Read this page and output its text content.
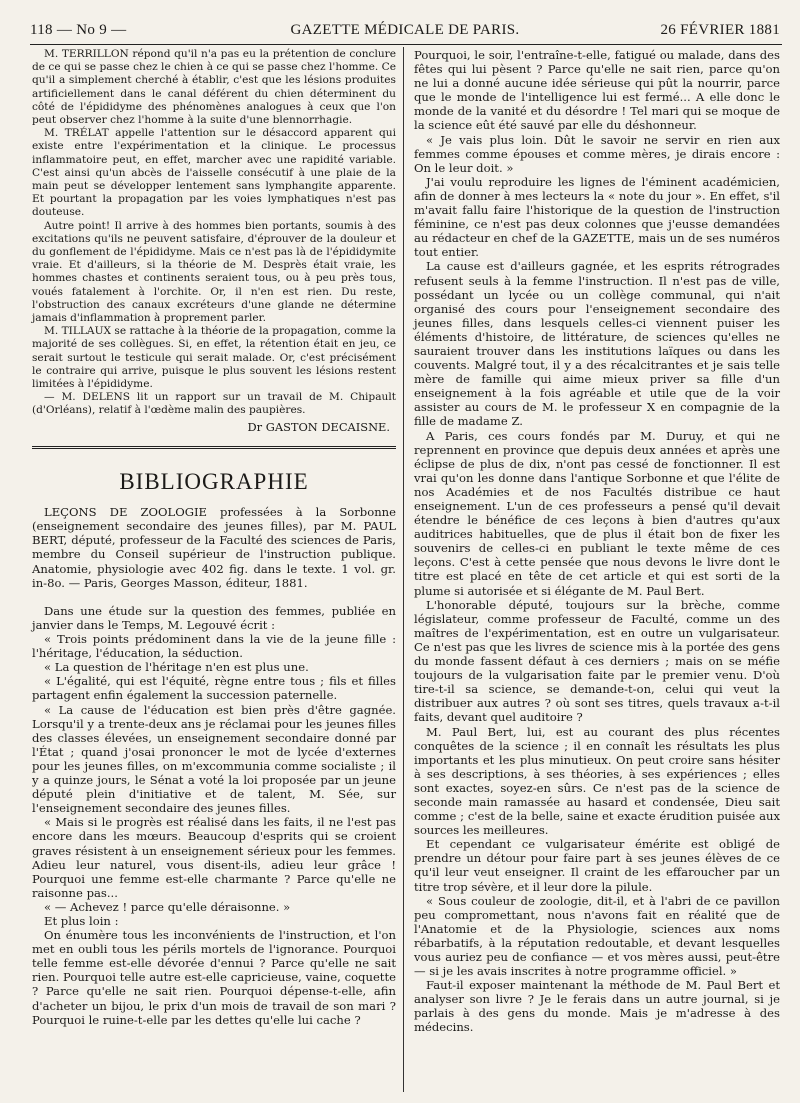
118 — No 9 —	GAZETTE MÉDICALE DE PARIS.	26 FÉVRIER 1881

M. TERRILLON répond qu'il n'a pas eu la prétention de conclure de ce qui se passe chez le chien à ce qui se passe chez l'homme. Ce qu'il a simplement cherché à établir, c'est que les lésions produites artificiellement dans le canal déférent du chien déterminent du côté de l'épididyme des phénomènes analogues à ceux que l'on peut observer chez l'homme à la suite d'une blennorrhagie.

M. TRÉLAT appelle l'attention sur le désaccord apparent qui existe entre l'expérimentation et la clinique. Le processus inflammatoire peut, en effet, marcher avec une rapidité variable. C'est ainsi qu'un abcès de l'aisselle consécutif à une plaie de la main peut se développer lentement sans lymphangite apparente. Et pourtant la propagation par les voies lymphatiques n'est pas douteuse.

Autre point! Il arrive à des hommes bien portants, soumis à des excitations qu'ils ne peuvent satisfaire, d'éprouver de la douleur et du gonflement de l'épididyme. Mais ce n'est pas là de l'épididymite vraie. Et d'ailleurs, si la théorie de M. Desprès était vraie, les hommes chastes et continents seraient tous, ou à peu près tous, voués fatalement à l'orchite. Or, il n'en est rien. Du reste, l'obstruction des canaux excréteurs d'une glande ne détermine jamais d'inflammation à proprement parler.

M. TILLAUX se rattache à la théorie de la propagation, comme la majorité de ses collègues. Si, en effet, la rétention était en jeu, ce serait surtout le testicule qui serait malade. Or, c'est précisément le contraire qui arrive, puisque le plus souvent les lésions restent limitées à l'épididyme.

— M. DELENS lit un rapport sur un travail de M. Chipault (d'Orléans), relatif à l'œdème malin des paupières.

Dr GASTON DECAISNE.
BIBLIOGRAPHIE

LEÇONS DE ZOOLOGIE professées à la Sorbonne (enseignement secondaire des jeunes filles), par M. PAUL BERT, député, professeur de la Faculté des sciences de Paris, membre du Conseil supérieur de l'instruction publique. Anatomie, physiologie avec 402 fig. dans le texte. 1 vol. gr. in-8o. — Paris, Georges Masson, éditeur, 1881.

Dans une étude sur la question des femmes, publiée en janvier dans le Temps, M. Legouvé écrit :

« Trois points prédominent dans la vie de la jeune fille : l'héritage, l'éducation, la séduction.

« La question de l'héritage n'en est plus une.

« L'égalité, qui est l'équité, règne entre tous ; fils et filles partagent enfin également la succession paternelle.

« La cause de l'éducation est bien près d'être gagnée. Lorsqu'il y a trente-deux ans je réclamai pour les jeunes filles des classes élevées, un enseignement secondaire donné par l'État ; quand j'osai prononcer le mot de lycée d'externes pour les jeunes filles, on m'excommunia comme socialiste ; il y a quinze jours, le Sénat a voté la loi proposée par un jeune député plein d'initiative et de talent, M. Sée, sur l'enseignement secondaire des jeunes filles.

« Mais si le progrès est réalisé dans les faits, il ne l'est pas encore dans les mœurs. Beaucoup d'esprits qui se croient graves résistent à un enseignement sérieux pour les femmes. Adieu leur naturel, vous disent-ils, adieu leur grâce ! Pourquoi une femme est-elle charmante ? Parce qu'elle ne raisonne pas...

« — Achevez ! parce qu'elle déraisonne. »

Et plus loin :

On énumère tous les inconvénients de l'instruction, et l'on met en oubli tous les périls mortels de l'ignorance. Pourquoi telle femme est-elle dévorée d'ennui ? Parce qu'elle ne sait rien. Pourquoi telle autre est-elle capricieuse, vaine, coquette ? Parce qu'elle ne sait rien. Pourquoi dépense-t-elle, afin d'acheter un bijou, le prix d'un mois de travail de son mari ? Pourquoi le ruine-t-elle par les dettes qu'elle lui cache ?

Pourquoi, le soir, l'entraîne-t-elle, fatigué ou malade, dans des fêtes qui lui pèsent ? Parce qu'elle ne sait rien, parce qu'on ne lui a donné aucune idée sérieuse qui pût la nourrir, parce que le monde de l'intelligence lui est fermé... A elle donc le monde de la vanité et du désordre ! Tel mari qui se moque de la science eût été sauvé par elle du déshonneur.

« Je vais plus loin. Dût le savoir ne servir en rien aux femmes comme épouses et comme mères, je dirais encore : On le leur doit. »

J'ai voulu reproduire les lignes de l'éminent académicien, afin de donner à mes lecteurs la « note du jour ». En effet, s'il m'avait fallu faire l'historique de la question de l'instruction féminine, ce n'est pas deux colonnes que j'eusse demandées au rédacteur en chef de la GAZETTE, mais un de ses numéros tout entier.

La cause est d'ailleurs gagnée, et les esprits rétrogrades refusent seuls à la femme l'instruction. Il n'est pas de ville, possédant un lycée ou un collège communal, qui n'ait organisé des cours pour l'enseignement secondaire des jeunes filles, dans lesquels celles-ci viennent puiser les éléments d'histoire, de littérature, de sciences qu'elles ne sauraient trouver dans les institutions laïques ou dans les couvents. Malgré tout, il y a des récalcitrantes et je sais telle mère de famille qui aime mieux priver sa fille d'un enseignement à la fois agréable et utile que de la voir assister au cours de M. le professeur X en compagnie de la fille de madame Z.

A Paris, ces cours fondés par M. Duruy, et qui ne reprennent en province que depuis deux années et après une éclipse de plus de dix, n'ont pas cessé de fonctionner. Il est vrai qu'on les donne dans l'antique Sorbonne et que l'élite de nos Académies et de nos Facultés distribue ce haut enseignement. L'un de ces professeurs a pensé qu'il devait étendre le bénéfice de ces leçons à bien d'autres qu'aux auditrices habituelles, que de plus il était bon de fixer les souvenirs de celles-ci en publiant le texte même de ces leçons. C'est à cette pensée que nous devons le livre dont le titre est placé en tête de cet article et qui est sorti de la plume si autorisée et si élégante de M. Paul Bert.

L'honorable député, toujours sur la brèche, comme législateur, comme professeur de Faculté, comme un des maîtres de l'expérimentation, est en outre un vulgarisateur. Ce n'est pas que les livres de science mis à la portée des gens du monde fassent défaut à ces derniers ; mais on se méfie toujours de la vulgarisation faite par le premier venu. D'où tire-t-il sa science, se demande-t-on, celui qui veut la distribuer aux autres ? où sont ses titres, quels travaux a-t-il faits, devant quel auditoire ?

M. Paul Bert, lui, est au courant des plus récentes conquêtes de la science ; il en connaît les résultats les plus importants et les plus minutieux. On peut croire sans hésiter à ses descriptions, à ses théories, à ses expériences ; elles sont exactes, soyez-en sûrs. Ce n'est pas de la science de seconde main ramassée au hasard et condensée, Dieu sait comme ; c'est de la belle, saine et exacte érudition puisée aux sources les meilleures.

Et cependant ce vulgarisateur émérite est obligé de prendre un détour pour faire part à ses jeunes élèves de ce qu'il leur veut enseigner. Il craint de les effaroucher par un titre trop sévère, et il leur dore la pilule.

« Sous couleur de zoologie, dit-il, et à l'abri de ce pavillon peu compromettant, nous n'avons fait en réalité que de l'Anatomie et de la Physiologie, sciences aux noms rébarbatifs, à la réputation redoutable, et devant lesquelles vous auriez peu de confiance — et vos mères aussi, peut-être — si je les avais inscrites à notre programme officiel. »

Faut-il exposer maintenant la méthode de M. Paul Bert et analyser son livre ? Je le ferais dans un autre journal, si je parlais à des gens du monde. Mais je m'adresse à des médecins.
